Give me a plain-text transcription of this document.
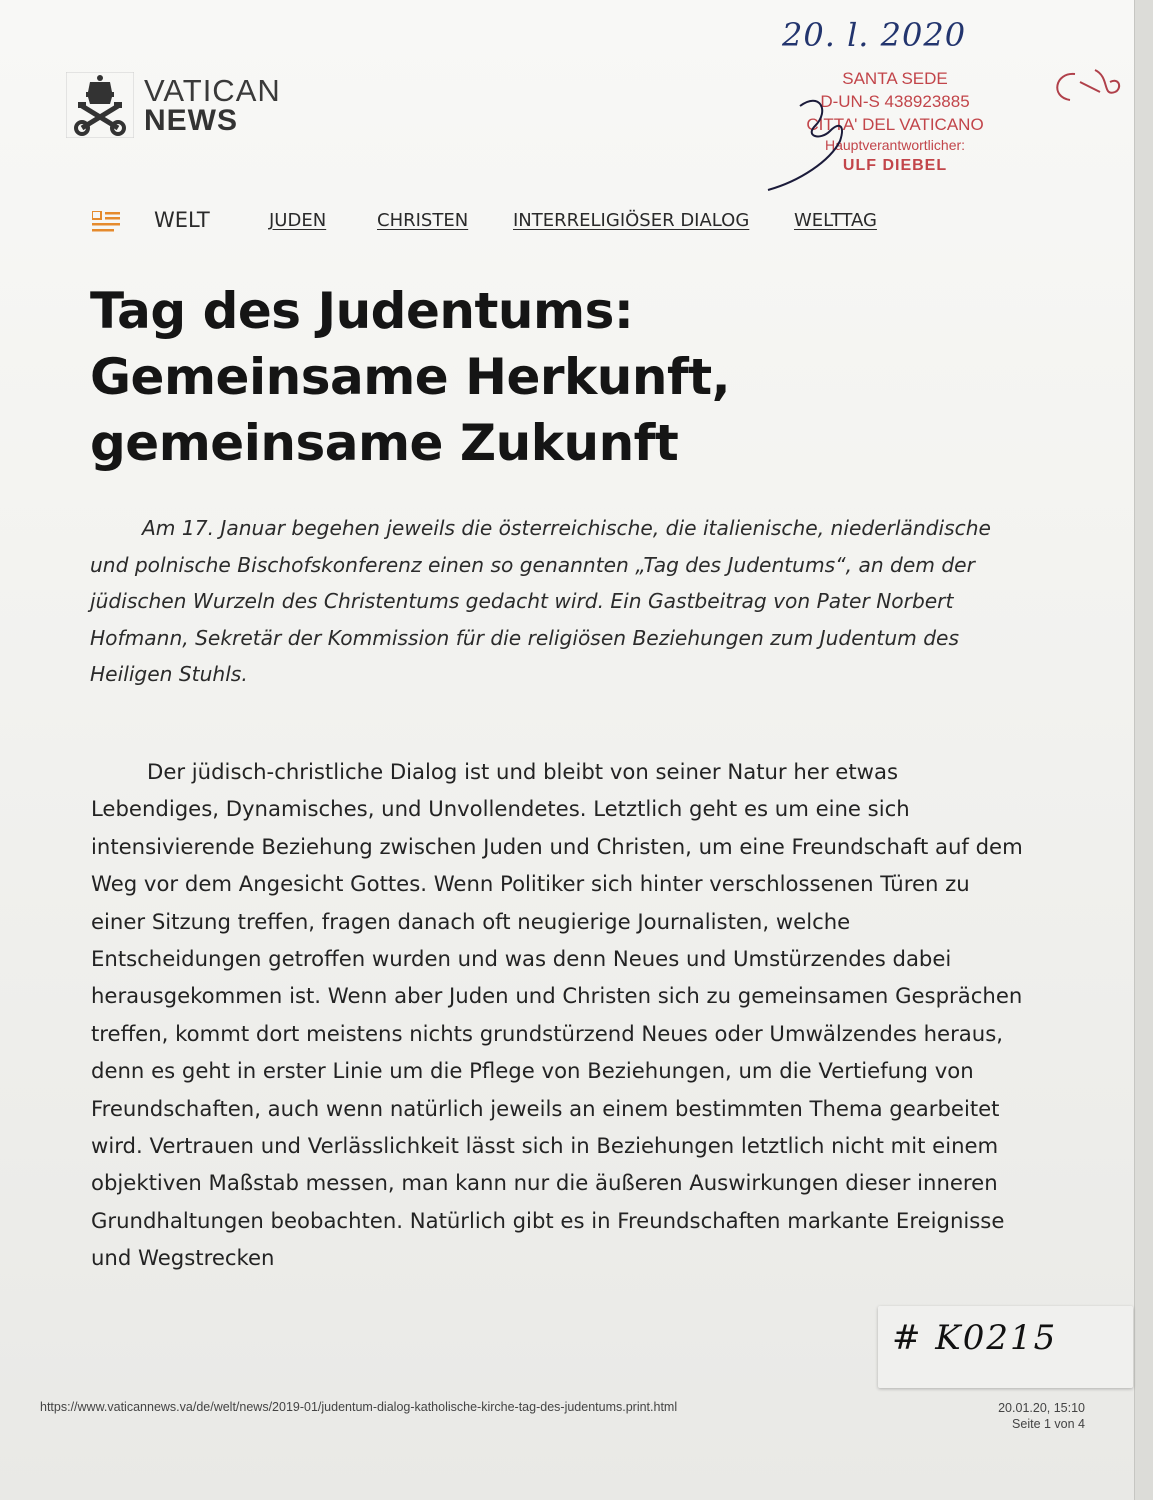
20. l. 2020
VATICAN
NEWS
SANTA SEDE
D-UN-S 438923885
CITTA' DEL VATICANO
Hauptverantwortlicher:
ULF DIEBEL
WELT	JUDEN	CHRISTEN INTERRELIGIÖSER DIALOG WELTTAG
Tag des Judentums:
Gemeinsame Herkunft,
gemeinsame Zukunft

Am 17. Januar begehen jeweils die österreichische, die italienische, niederländische und polnische Bischofskonferenz einen so genannten „Tag des Judentums“, an dem der jüdischen Wurzeln des Christentums gedacht wird. Ein Gastbeitrag von Pater Norbert Hofmann, Sekretär der Kommission für die religiösen Beziehungen zum Judentum des Heiligen Stuhls.

Der jüdisch-christliche Dialog ist und bleibt von seiner Natur her etwas Lebendiges, Dynamisches, und Unvollendetes. Letztlich geht es um eine sich intensivierende Beziehung zwischen Juden und Christen, um eine Freundschaft auf dem Weg vor dem Angesicht Gottes. Wenn Politiker sich hinter verschlossenen Türen zu einer Sitzung treffen, fragen danach oft neugierige Journalisten, welche Entscheidungen getroffen wurden und was denn Neues und Umstürzendes dabei herausgekommen ist. Wenn aber Juden und Christen sich zu gemeinsamen Gesprächen treffen, kommt dort meistens nichts grundstürzend Neues oder Umwälzendes heraus, denn es geht in erster Linie um die Pflege von Beziehungen, um die Vertiefung von Freundschaften, auch wenn natürlich jeweils an einem bestimmten Thema gearbeitet wird. Vertrauen und Verlässlichkeit lässt sich in Beziehungen letztlich nicht mit einem objektiven Maßstab messen, man kann nur die äußeren Auswirkungen dieser inneren Grundhaltungen beobachten. Natürlich gibt es in Freundschaften markante Ereignisse und Wegstrecken

# K0215
https://www.vaticannews.va/de/welt/news/2019-01/judentum-dialog-katholische-kirche-tag-des-judentums.print.html	20.01.20, 15:10
Seite 1 von 4
